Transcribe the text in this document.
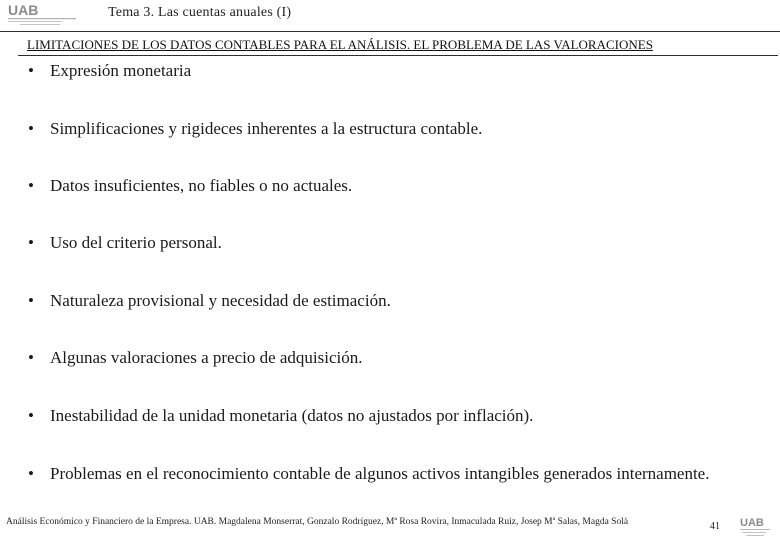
UAB	Tema 3. Las cuentas anuales (I)
LIMITACIONES DE LOS DATOS CONTABLES PARA EL ANÁLISIS. EL PROBLEMA DE LAS VALORACIONES
• Expresión monetaria
• Simplificaciones y rigideces inherentes a la estructura contable.
• Datos insuficientes, no fiables o no actuales.
• Uso del criterio personal.
• Naturaleza provisional y necesidad de estimación.
• Algunas valoraciones a precio de adquisición.
• Inestabilidad de la unidad monetaria (datos no ajustados por inflación).
• Problemas en el reconocimiento contable de algunos activos intangibles generados internamente.
Análisis Económico y Financiero de la Empresa. UAB. Magdalena Monserrat, Gonzalo Rodríguez, Mª Rosa Rovira, Inmaculada Ruiz, Josep Mª Salas, Magda Solà	41 UAB
